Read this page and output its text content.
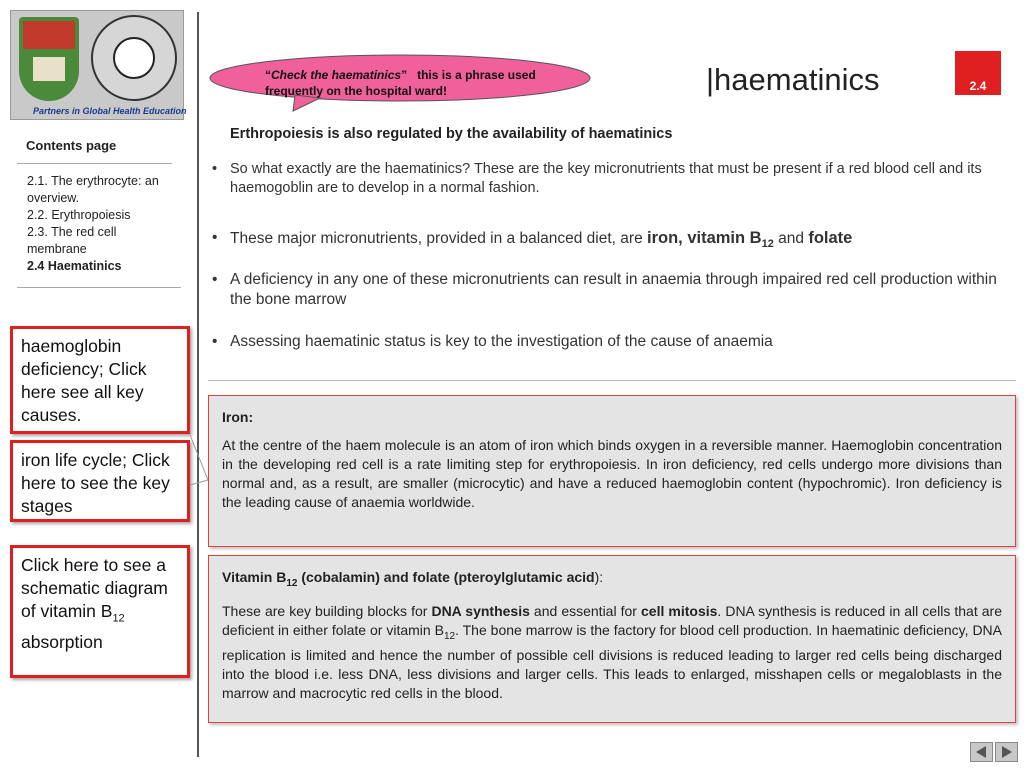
Partners in Global Health Education
“Check the haematinics” this is a phrase used frequently on the hospital ward!	|haematinics	2.4
Contents page
2.1. The erythrocyte: an overview.
2.2. Erythropoiesis
2.3. The red cell membrane
2.4 Haematinics
haemoglobin deficiency; Click here see all key causes.
iron life cycle; Click here to see the key stages
Click here to see a schematic diagram of vitamin $B_{12}$ absorption
Erthropoiesis is also regulated by the availability of haematinics
• So what exactly are the haematinics? These are the key micronutrients that must be present if a red blood cell and its haemogoblin are to develop in a normal fashion.
• These major micronutrients, provided in a balanced diet, are iron, vitamin $B_{12}$ and folate
• A deficiency in any one of these micronutrients can result in anaemia through impaired red cell production within the bone marrow
• Assessing haematinic status is key to the investigation of the cause of anaemia
Iron:

At the centre of the haem molecule is an atom of iron which binds oxygen in a reversible manner. Haemoglobin concentration in the developing red cell is a rate limiting step for erythropoiesis. In iron deficiency, red cells undergo more divisions than normal and, as a result, are smaller (microcytic) and have a reduced haemoglobin content (hypochromic). Iron deficiency is the leading cause of anaemia worldwide.

Vitamin $B_{12}$ (cobalamin) and folate (pteroylglutamic acid):

These are key building blocks for DNA synthesis and essential for cell mitosis. DNA synthesis is reduced in all cells that are deficient in either folate or vitamin $B_{12}$. The bone marrow is the factory for blood cell production. In haematinic deficiency, DNA replication is limited and hence the number of possible cell divisions is reduced leading to larger red cells being discharged into the blood i.e. less DNA, less divisions and larger cells. This leads to enlarged, misshapen cells or megaloblasts in the marrow and macrocytic red cells in the blood.
